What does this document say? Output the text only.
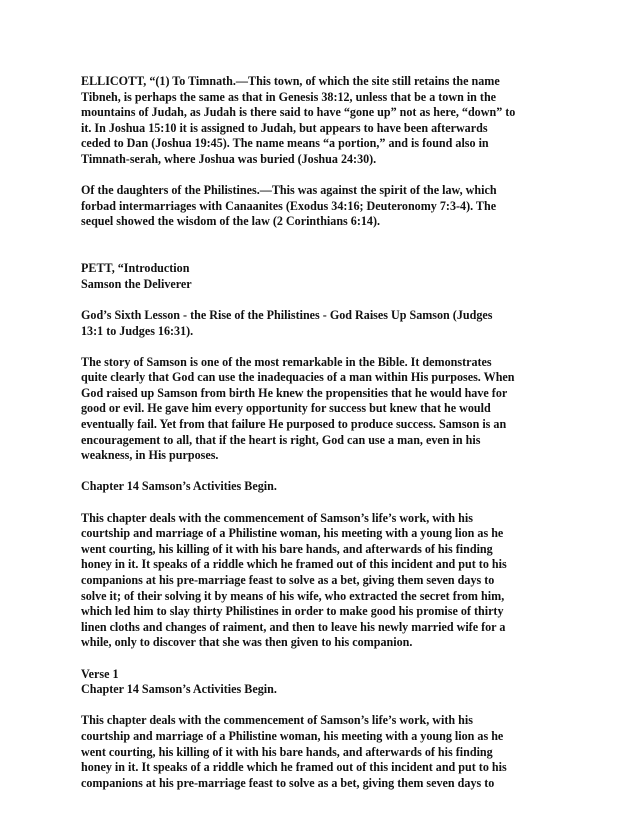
ELLICOTT, “(1) To Timnath.—This town, of which the site still retains the name
Tibneh, is perhaps the same as that in Genesis 38:12, unless that be a town in the
mountains of Judah, as Judah is there said to have “gone up” not as here, “down” to
it. In Joshua 15:10 it is assigned to Judah, but appears to have been afterwards
ceded to Dan (Joshua 19:45). The name means “a portion,” and is found also in
Timnath-serah, where Joshua was buried (Joshua 24:30).

Of the daughters of the Philistines.—This was against the spirit of the law, which
forbad intermarriages with Canaanites (Exodus 34:16; Deuteronomy 7:3-4). The
sequel showed the wisdom of the law (2 Corinthians 6:14).

PETT, “Introduction
Samson the Deliverer

God’s Sixth Lesson - the Rise of the Philistines - God Raises Up Samson (Judges
13:1 to Judges 16:31).

The story of Samson is one of the most remarkable in the Bible. It demonstrates
quite clearly that God can use the inadequacies of a man within His purposes. When
God raised up Samson from birth He knew the propensities that he would have for
good or evil. He gave him every opportunity for success but knew that he would
eventually fail. Yet from that failure He purposed to produce success. Samson is an
encouragement to all, that if the heart is right, God can use a man, even in his
weakness, in His purposes.

Chapter 14 Samson’s Activities Begin.

This chapter deals with the commencement of Samson’s life’s work, with his
courtship and marriage of a Philistine woman, his meeting with a young lion as he
went courting, his killing of it with his bare hands, and afterwards of his finding
honey in it. It speaks of a riddle which he framed out of this incident and put to his
companions at his pre-marriage feast to solve as a bet, giving them seven days to
solve it; of their solving it by means of his wife, who extracted the secret from him,
which led him to slay thirty Philistines in order to make good his promise of thirty
linen cloths and changes of raiment, and then to leave his newly married wife for a
while, only to discover that she was then given to his companion.

Verse 1
Chapter 14 Samson’s Activities Begin.

This chapter deals with the commencement of Samson’s life’s work, with his
courtship and marriage of a Philistine woman, his meeting with a young lion as he
went courting, his killing of it with his bare hands, and afterwards of his finding
honey in it. It speaks of a riddle which he framed out of this incident and put to his
companions at his pre-marriage feast to solve as a bet, giving them seven days to
